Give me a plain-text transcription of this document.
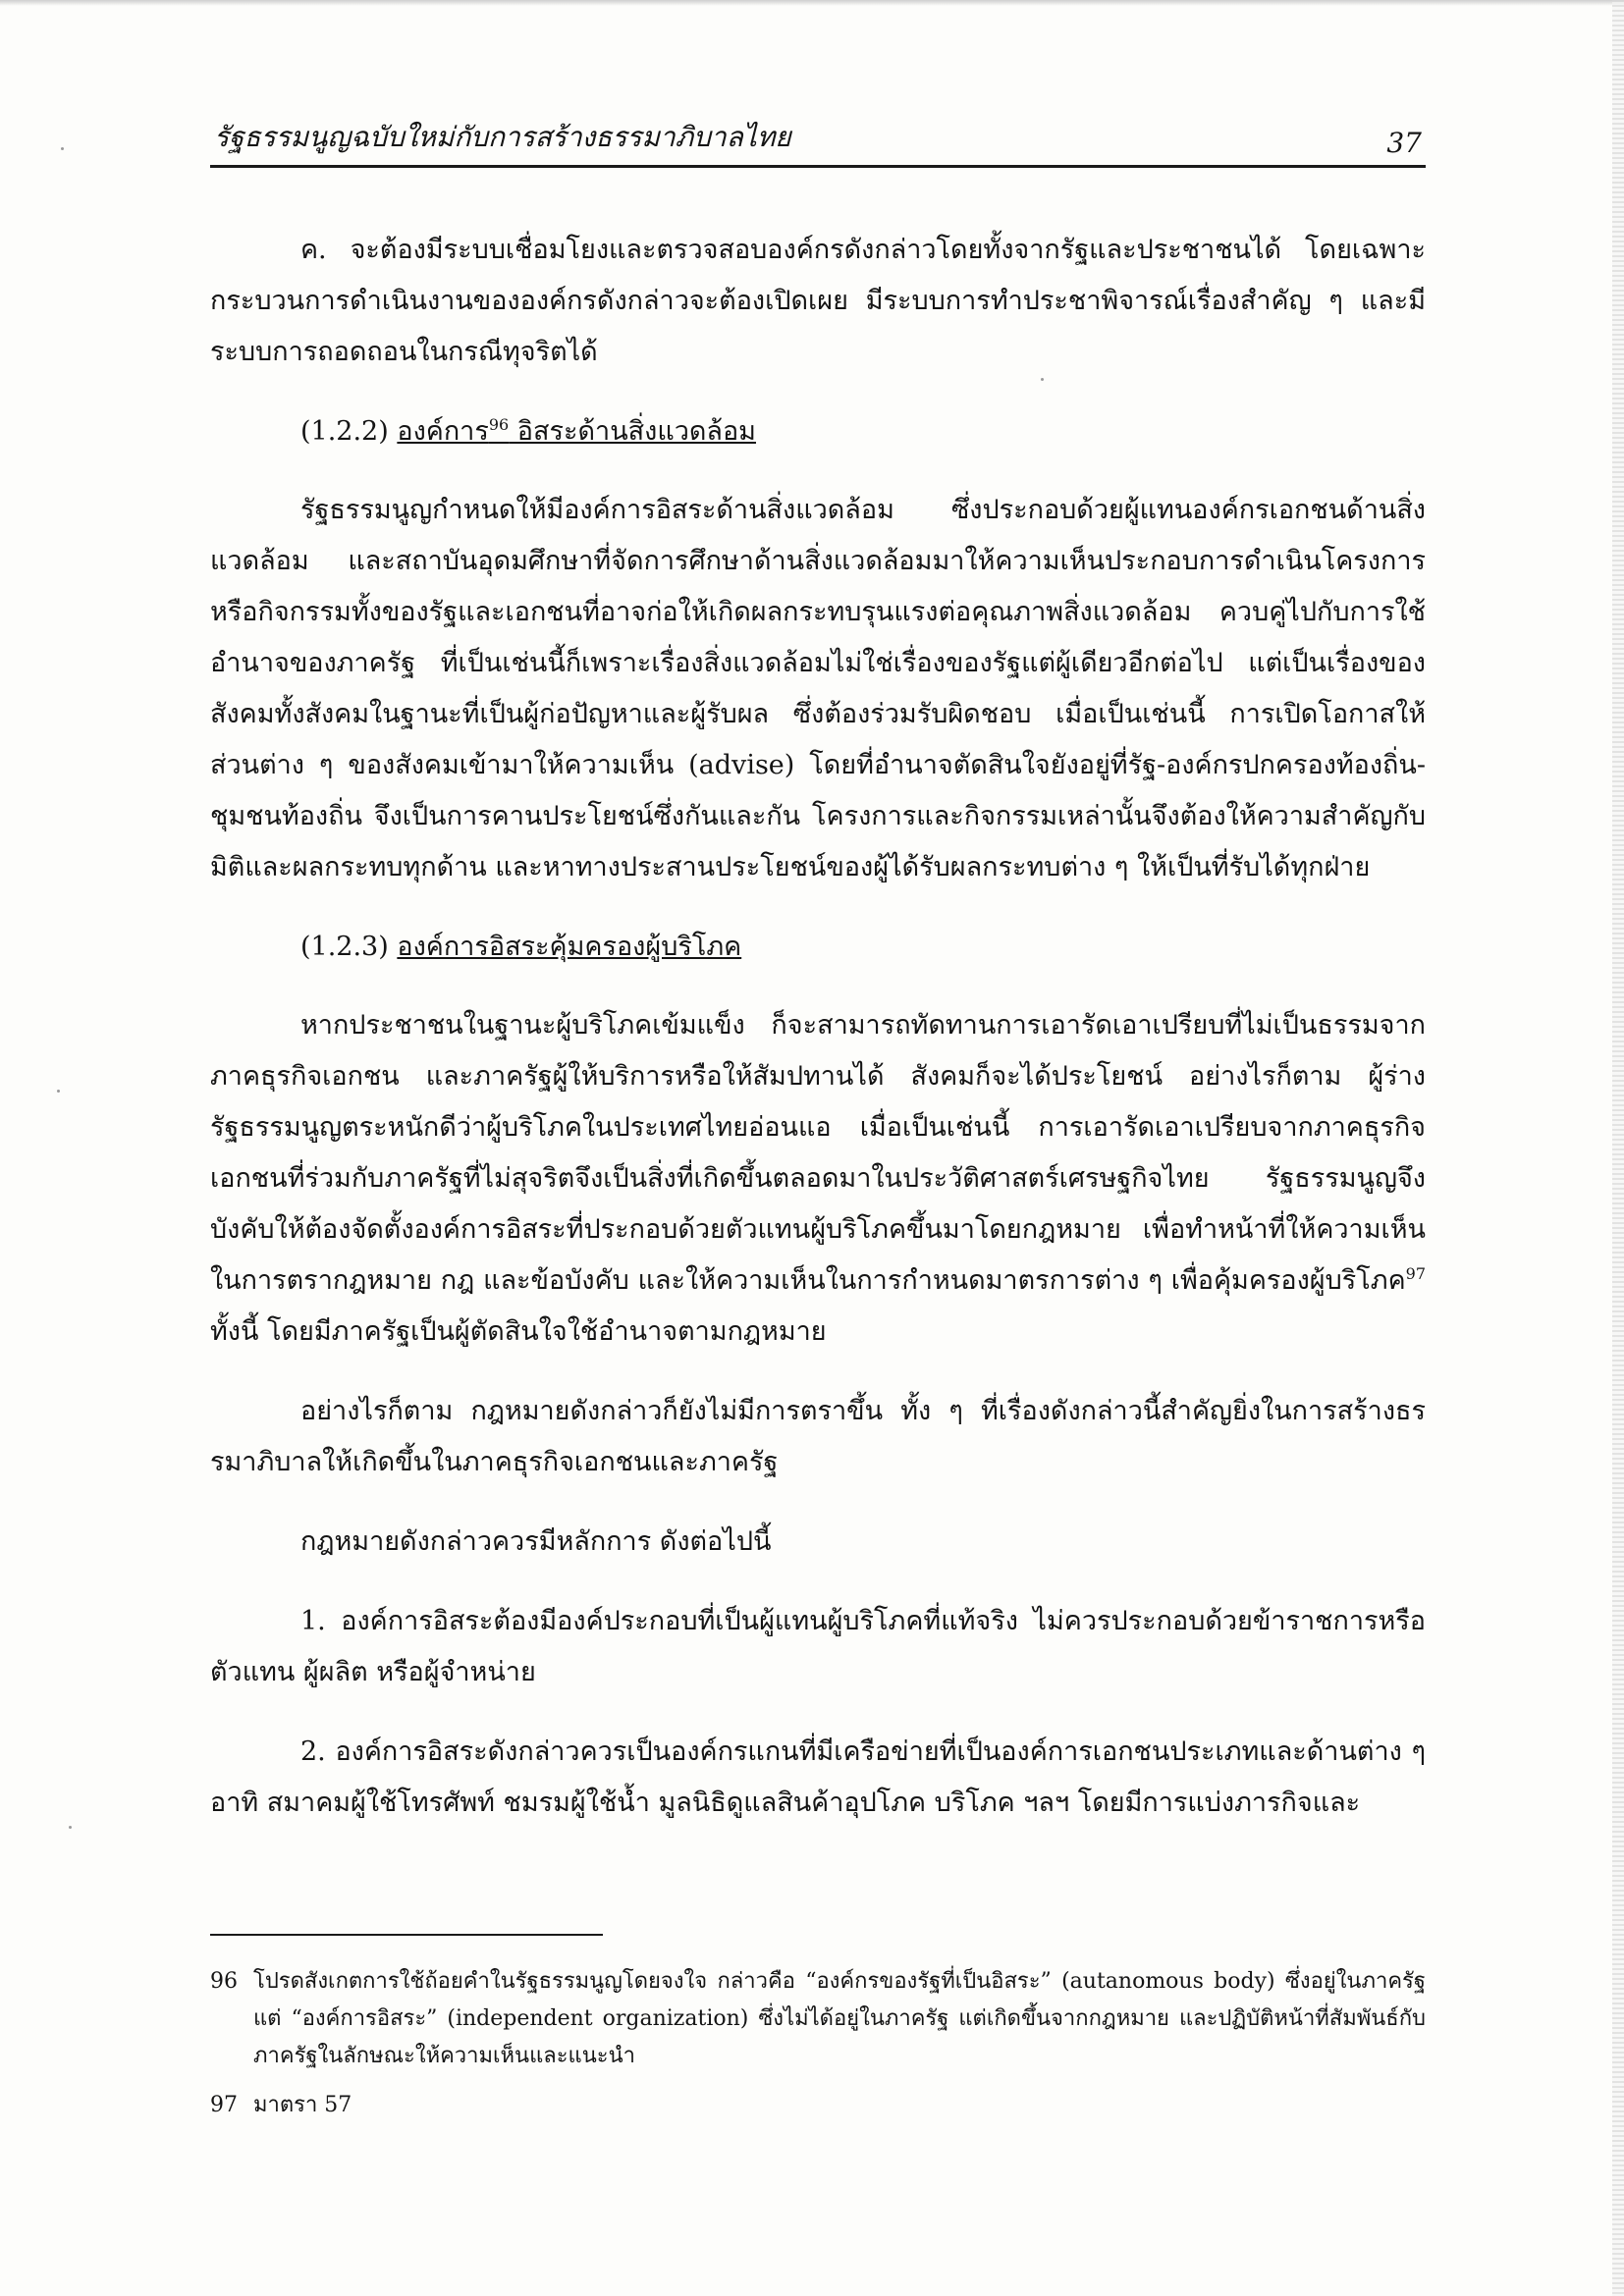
รัฐธรรมนูญฉบับใหม่กับการสร้างธรรมาภิบาลไทย	37

ค. จะต้องมีระบบเชื่อมโยงและตรวจสอบองค์กรดังกล่าวโดยทั้งจากรัฐและประชาชนได้ โดยเฉพาะกระบวนการดำเนินงานขององค์กรดังกล่าวจะต้องเปิดเผย มีระบบการทำประชาพิจารณ์เรื่องสำคัญ ๆ และมีระบบการถอดถอนในกรณีทุจริตได้

(1.2.2) องค์การ$^{96}$ อิสระด้านสิ่งแวดล้อม

รัฐธรรมนูญกำหนดให้มีองค์การอิสระด้านสิ่งแวดล้อม ซึ่งประกอบด้วยผู้แทนองค์กรเอกชนด้านสิ่งแวดล้อม และสถาบันอุดมศึกษาที่จัดการศึกษาด้านสิ่งแวดล้อมมาให้ความเห็นประกอบการดำเนินโครงการหรือกิจกรรมทั้งของรัฐและเอกชนที่อาจก่อให้เกิดผลกระทบรุนแรงต่อคุณภาพสิ่งแวดล้อม ควบคู่ไปกับการใช้อำนาจของภาครัฐ ที่เป็นเช่นนี้ก็เพราะเรื่องสิ่งแวดล้อมไม่ใช่เรื่องของรัฐแต่ผู้เดียวอีกต่อไป แต่เป็นเรื่องของสังคมทั้งสังคมในฐานะที่เป็นผู้ก่อปัญหาและผู้รับผล ซึ่งต้องร่วมรับผิดชอบ เมื่อเป็นเช่นนี้ การเปิดโอกาสให้ส่วนต่าง ๆ ของสังคมเข้ามาให้ความเห็น (advise) โดยที่อำนาจตัดสินใจยังอยู่ที่รัฐ-องค์กรปกครองท้องถิ่น-ชุมชนท้องถิ่น จึงเป็นการคานประโยชน์ซึ่งกันและกัน โครงการและกิจกรรมเหล่านั้นจึงต้องให้ความสำคัญกับมิติและผลกระทบทุกด้าน และหาทางประสานประโยชน์ของผู้ได้รับผลกระทบต่าง ๆ ให้เป็นที่รับได้ทุกฝ่าย

(1.2.3) องค์การอิสระคุ้มครองผู้บริโภค

หากประชาชนในฐานะผู้บริโภคเข้มแข็ง ก็จะสามารถทัดทานการเอารัดเอาเปรียบที่ไม่เป็นธรรมจากภาคธุรกิจเอกชน และภาครัฐผู้ให้บริการหรือให้สัมปทานได้ สังคมก็จะได้ประโยชน์ อย่างไรก็ตาม ผู้ร่างรัฐธรรมนูญตระหนักดีว่าผู้บริโภคในประเทศไทยอ่อนแอ เมื่อเป็นเช่นนี้ การเอารัดเอาเปรียบจากภาคธุรกิจเอกชนที่ร่วมกับภาครัฐที่ไม่สุจริตจึงเป็นสิ่งที่เกิดขึ้นตลอดมาในประวัติศาสตร์เศรษฐกิจไทย รัฐธรรมนูญจึงบังคับให้ต้องจัดตั้งองค์การอิสระที่ประกอบด้วยตัวแทนผู้บริโภคขึ้นมาโดยกฎหมาย เพื่อทำหน้าที่ให้ความเห็นในการตรากฎหมาย กฎ และข้อบังคับ และให้ความเห็นในการกำหนดมาตรการต่าง ๆ เพื่อคุ้มครองผู้บริโภค$^{97}$ ทั้งนี้ โดยมีภาครัฐเป็นผู้ตัดสินใจใช้อำนาจตามกฎหมาย

อย่างไรก็ตาม กฎหมายดังกล่าวก็ยังไม่มีการตราขึ้น ทั้ง ๆ ที่เรื่องดังกล่าวนี้สำคัญยิ่งในการสร้างธรรมาภิบาลให้เกิดขึ้นในภาคธุรกิจเอกชนและภาครัฐ

กฎหมายดังกล่าวควรมีหลักการ ดังต่อไปนี้

1. องค์การอิสระต้องมีองค์ประกอบที่เป็นผู้แทนผู้บริโภคที่แท้จริง ไม่ควรประกอบด้วยข้าราชการหรือตัวแทน ผู้ผลิต หรือผู้จำหน่าย

2. องค์การอิสระดังกล่าวควรเป็นองค์กรแกนที่มีเครือข่ายที่เป็นองค์การเอกชนประเภทและด้านต่าง ๆ อาทิ สมาคมผู้ใช้โทรศัพท์ ชมรมผู้ใช้น้ำ มูลนิธิดูแลสินค้าอุปโภค บริโภค ฯลฯ โดยมีการแบ่งภารกิจและ

96 โปรดสังเกตการใช้ถ้อยคำในรัฐธรรมนูญโดยจงใจ กล่าวคือ “องค์กรของรัฐที่เป็นอิสระ” (autanomous body) ซึ่งอยู่ในภาครัฐ แต่ “องค์การอิสระ” (independent organization) ซึ่งไม่ได้อยู่ในภาครัฐ แต่เกิดขึ้นจากกฎหมาย และปฏิบัติหน้าที่สัมพันธ์กับภาครัฐในลักษณะให้ความเห็นและแนะนำ

97 มาตรา 57
